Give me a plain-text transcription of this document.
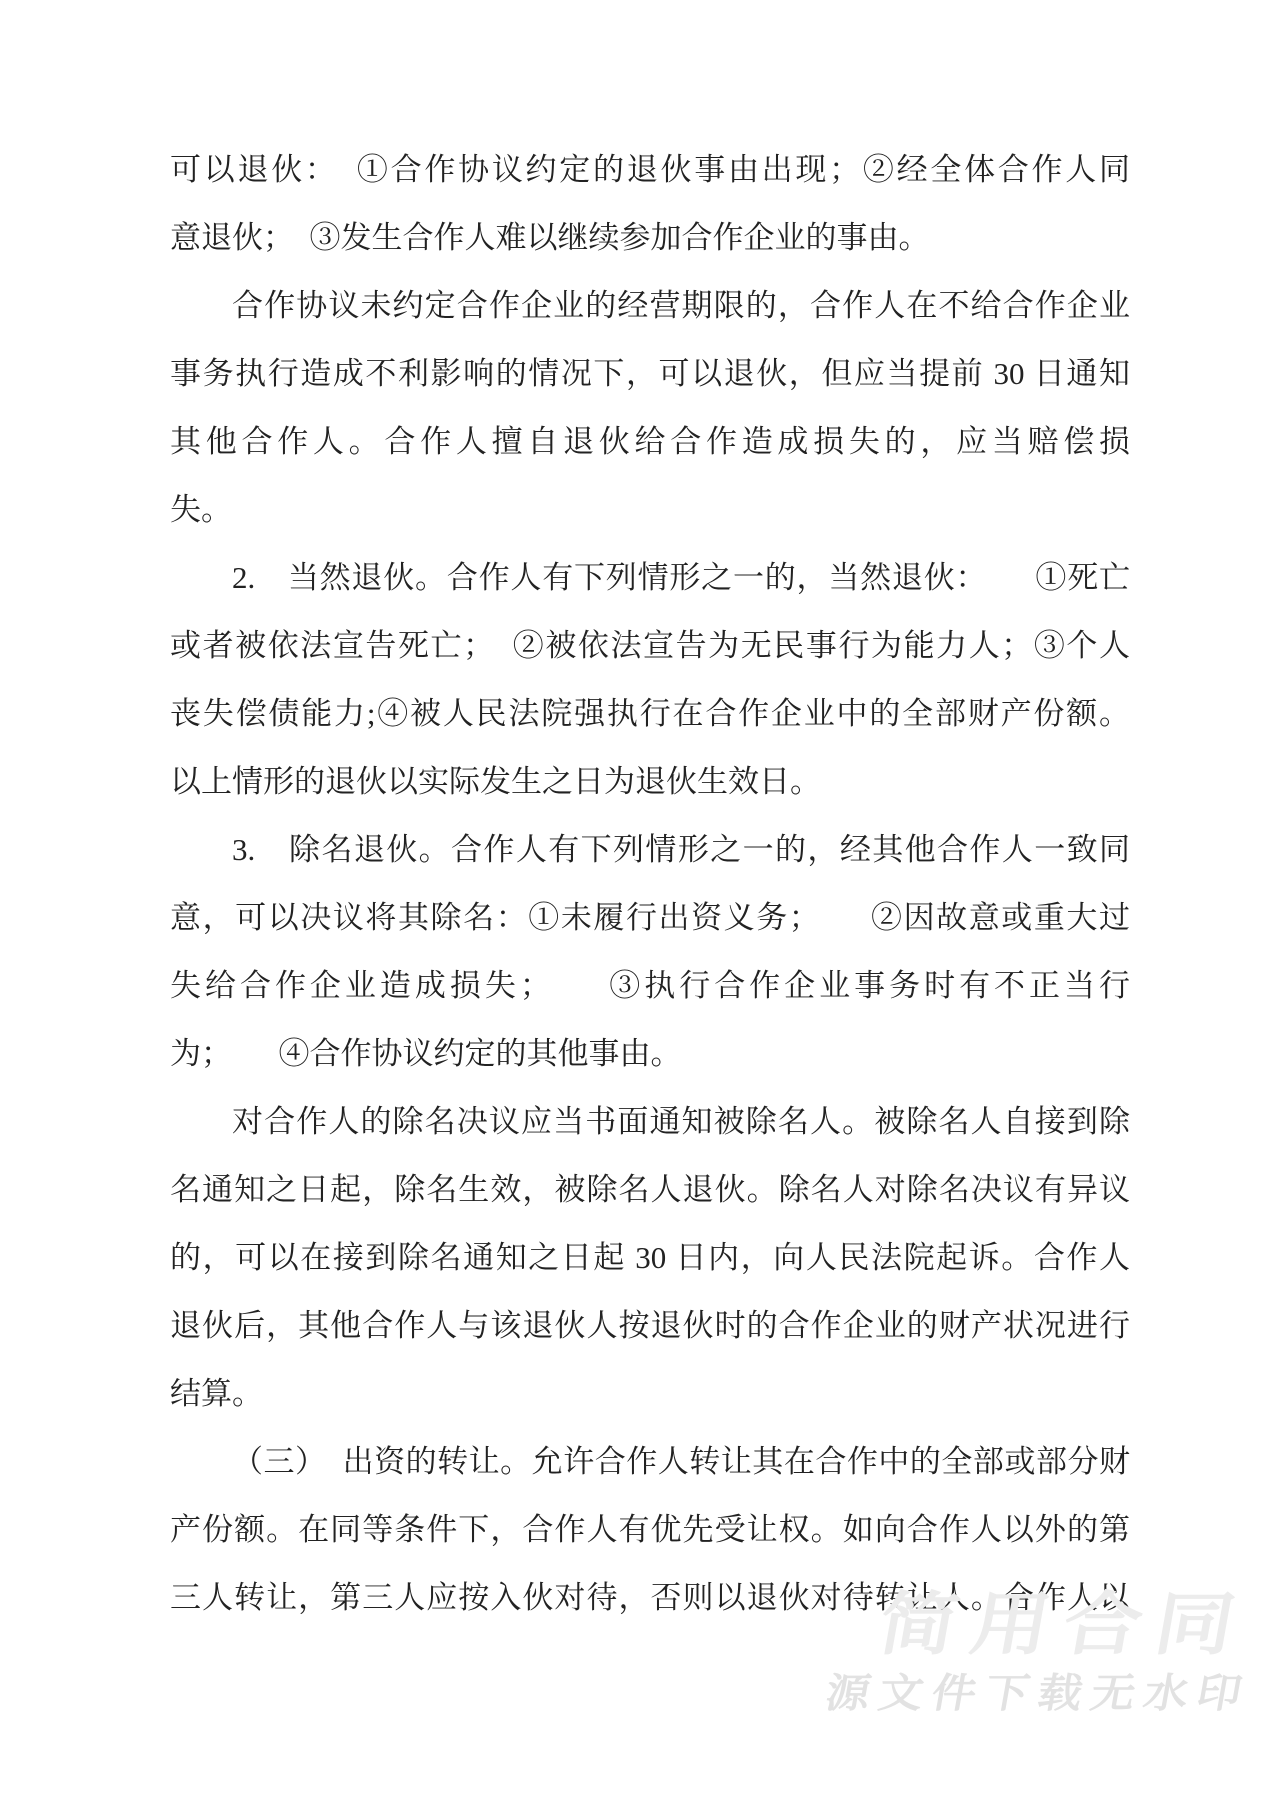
可以退伙：　①合作协议约定的退伙事由出现；②经全体合作人同
意退伙；　③发生合作人难以继续参加合作企业的事由。
合作协议未约定合作企业的经营期限的，合作人在不给合作企业
事务执行造成不利影响的情况下，可以退伙，但应当提前 30 日通知
其他合作人。合作人擅自退伙给合作造成损失的，应当赔偿损
失。
2.　当然退伙。合作人有下列情形之一的，当然退伙：　　①死亡
或者被依法宣告死亡；　②被依法宣告为无民事行为能力人；③个人
丧失偿债能力;④被人民法院强执行在合作企业中的全部财产份额。
以上情形的退伙以实际发生之日为退伙生效日。
3.　除名退伙。合作人有下列情形之一的，经其他合作人一致同
意，可以决议将其除名：①未履行出资义务；　　②因故意或重大过
失给合作企业造成损失；　　③执行合作企业事务时有不正当行
为；　　④合作协议约定的其他事由。
对合作人的除名决议应当书面通知被除名人。被除名人自接到除
名通知之日起，除名生效，被除名人退伙。除名人对除名决议有异议
的，可以在接到除名通知之日起 30 日内，向人民法院起诉。合作人
退伙后，其他合作人与该退伙人按退伙时的合作企业的财产状况进行
结算。
（三）　出资的转让。允许合作人转让其在合作中的全部或部分财
产份额。在同等条件下，合作人有优先受让权。如向合作人以外的第
三人转让，第三人应按入伙对待，否则以退伙对待转让人。合作人以
简用合同
源文件下载无水印
